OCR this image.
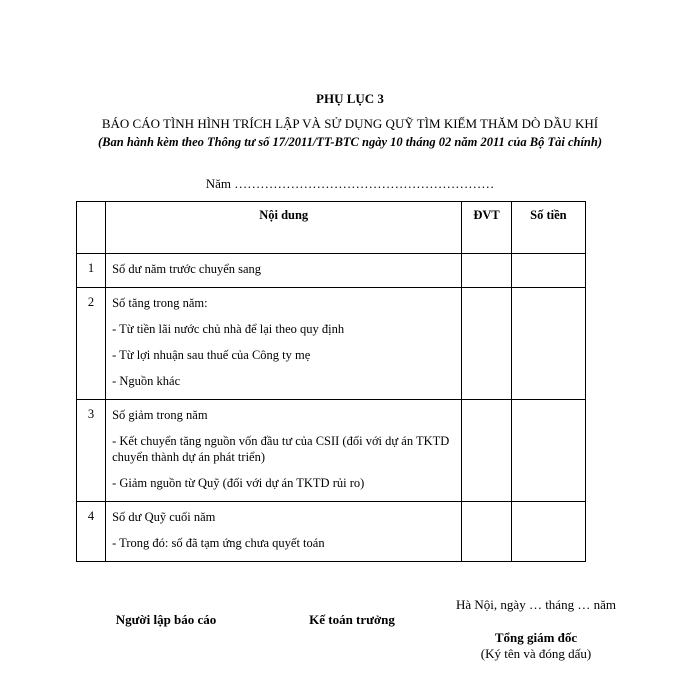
PHỤ LỤC 3
BÁO CÁO TÌNH HÌNH TRÍCH LẬP VÀ SỬ DỤNG QUỸ TÌM KIẾM THĂM DÒ DẦU KHÍ
(Ban hành kèm theo Thông tư số 17/2011/TT-BTC ngày 10 tháng 02 năm 2011 của Bộ Tài chính)
Năm ……………………………………………………
	Nội dung	ĐVT	Số tiền
1	Số dư năm trước chuyển sang		

2	Số tăng trong năm:
- Từ tiền lãi nước chủ nhà để lại theo quy định
- Từ lợi nhuận sau thuế của Công ty mẹ
- Nguồn khác		

3	Số giảm trong năm
- Kết chuyển tăng nguồn vốn đầu tư của CSII (đối với dự án TKTD chuyển thành dự án phát triển)
- Giảm nguồn từ Quỹ (đối với dự án TKTD rủi ro)		

4	Số dư Quỹ cuối năm
- Trong đó: số đã tạm ứng chưa quyết toán		

Người lập báo cáo	Kế toán trưởng
Hà Nội, ngày … tháng … năm
Tổng giám đốc
(Ký tên và đóng dấu)
